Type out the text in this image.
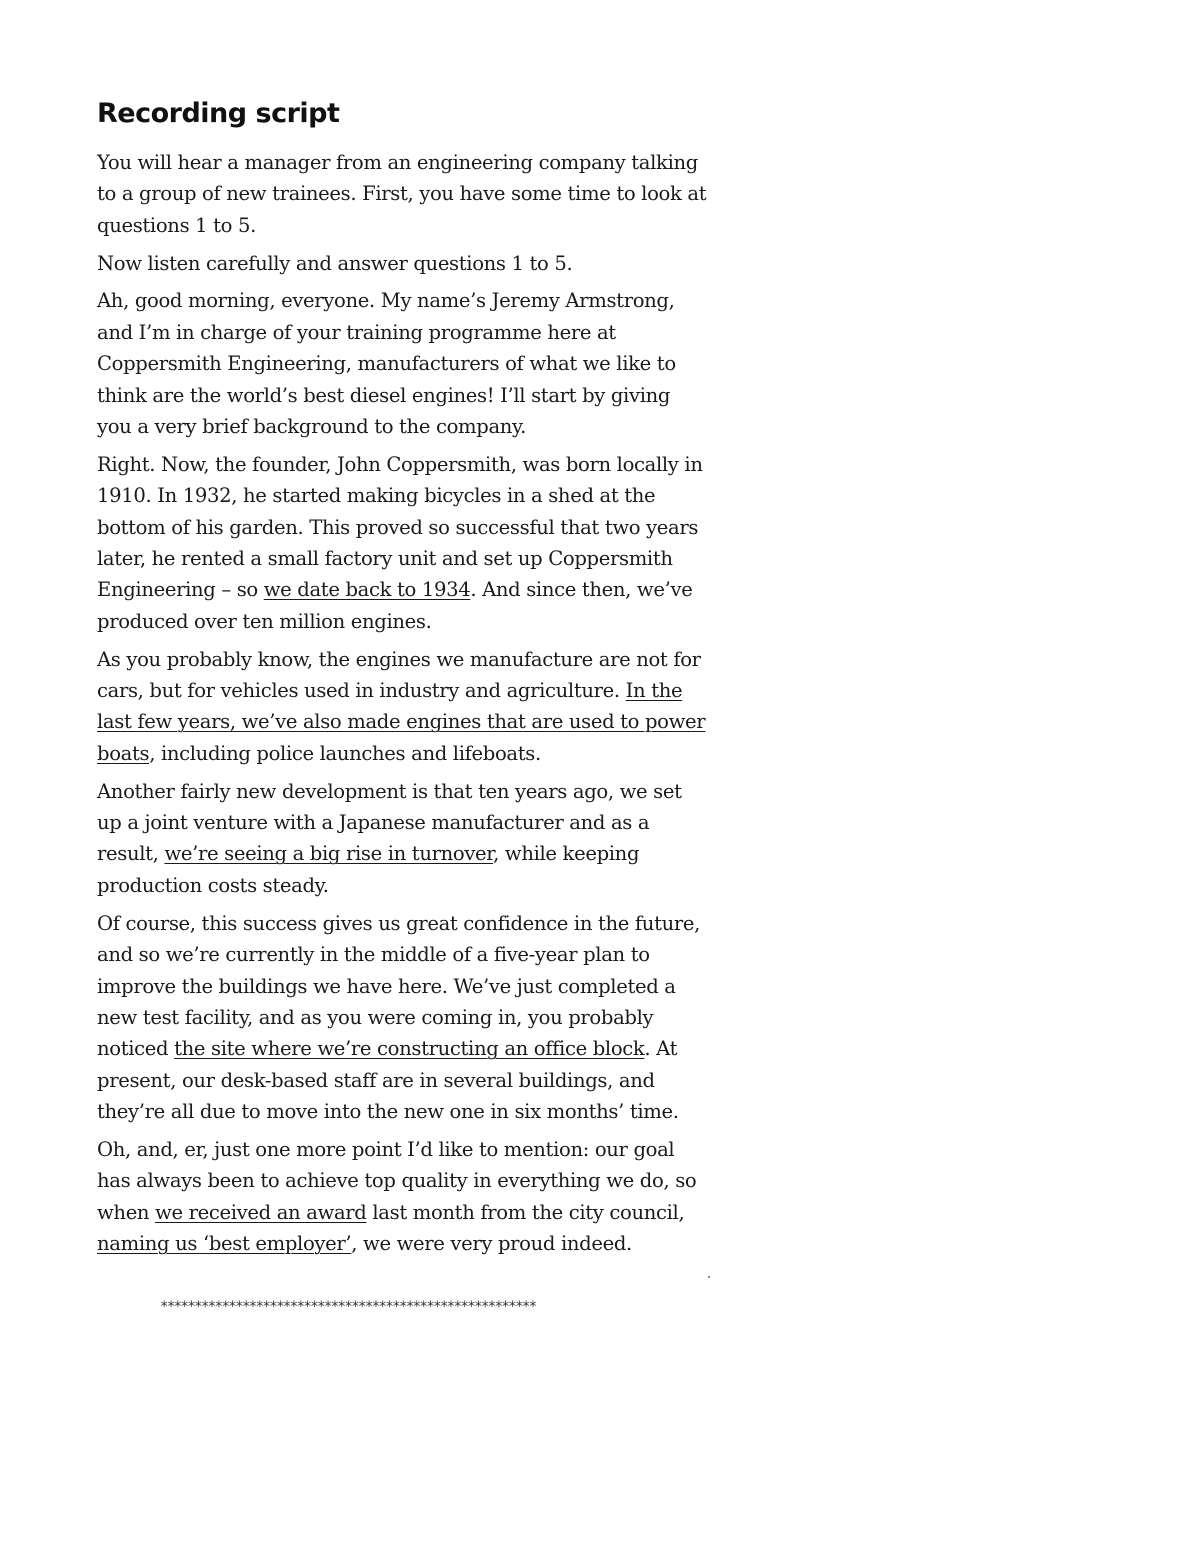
Recording script

You will hear a manager from an engineering company talking to a group of new trainees. First, you have some time to look at questions 1 to 5.

Now listen carefully and answer questions 1 to 5.

Ah, good morning, everyone. My name’s Jeremy Armstrong, and I’m in charge of your training programme here at Coppersmith Engineering, manufacturers of what we like to think are the world’s best diesel engines! I’ll start by giving you a very brief background to the company.

Right. Now, the founder, John Coppersmith, was born locally in 1910. In 1932, he started making bicycles in a shed at the bottom of his garden. This proved so successful that two years later, he rented a small factory unit and set up Coppersmith Engineering – so we date back to 1934. And since then, we’ve produced over ten million engines.

As you probably know, the engines we manufacture are not for cars, but for vehicles used in industry and agriculture. In the last few years, we’ve also made engines that are used to power boats, including police launches and lifeboats.

Another fairly new development is that ten years ago, we set up a joint venture with a Japanese manufacturer and as a result, we’re seeing a big rise in turnover, while keeping production costs steady.

Of course, this success gives us great confidence in the future, and so we’re currently in the middle of a five-year plan to improve the buildings we have here. We’ve just completed a new test facility, and as you were coming in, you probably noticed the site where we’re constructing an office block. At present, our desk-based staff are in several buildings, and they’re all due to move into the new one in six months’ time.

Oh, and, er, just one more point I’d like to mention: our goal has always been to achieve top quality in everything we do, so when we received an award last month from the city council, naming us ‘best employer’, we were very proud indeed.

*******************************************************
